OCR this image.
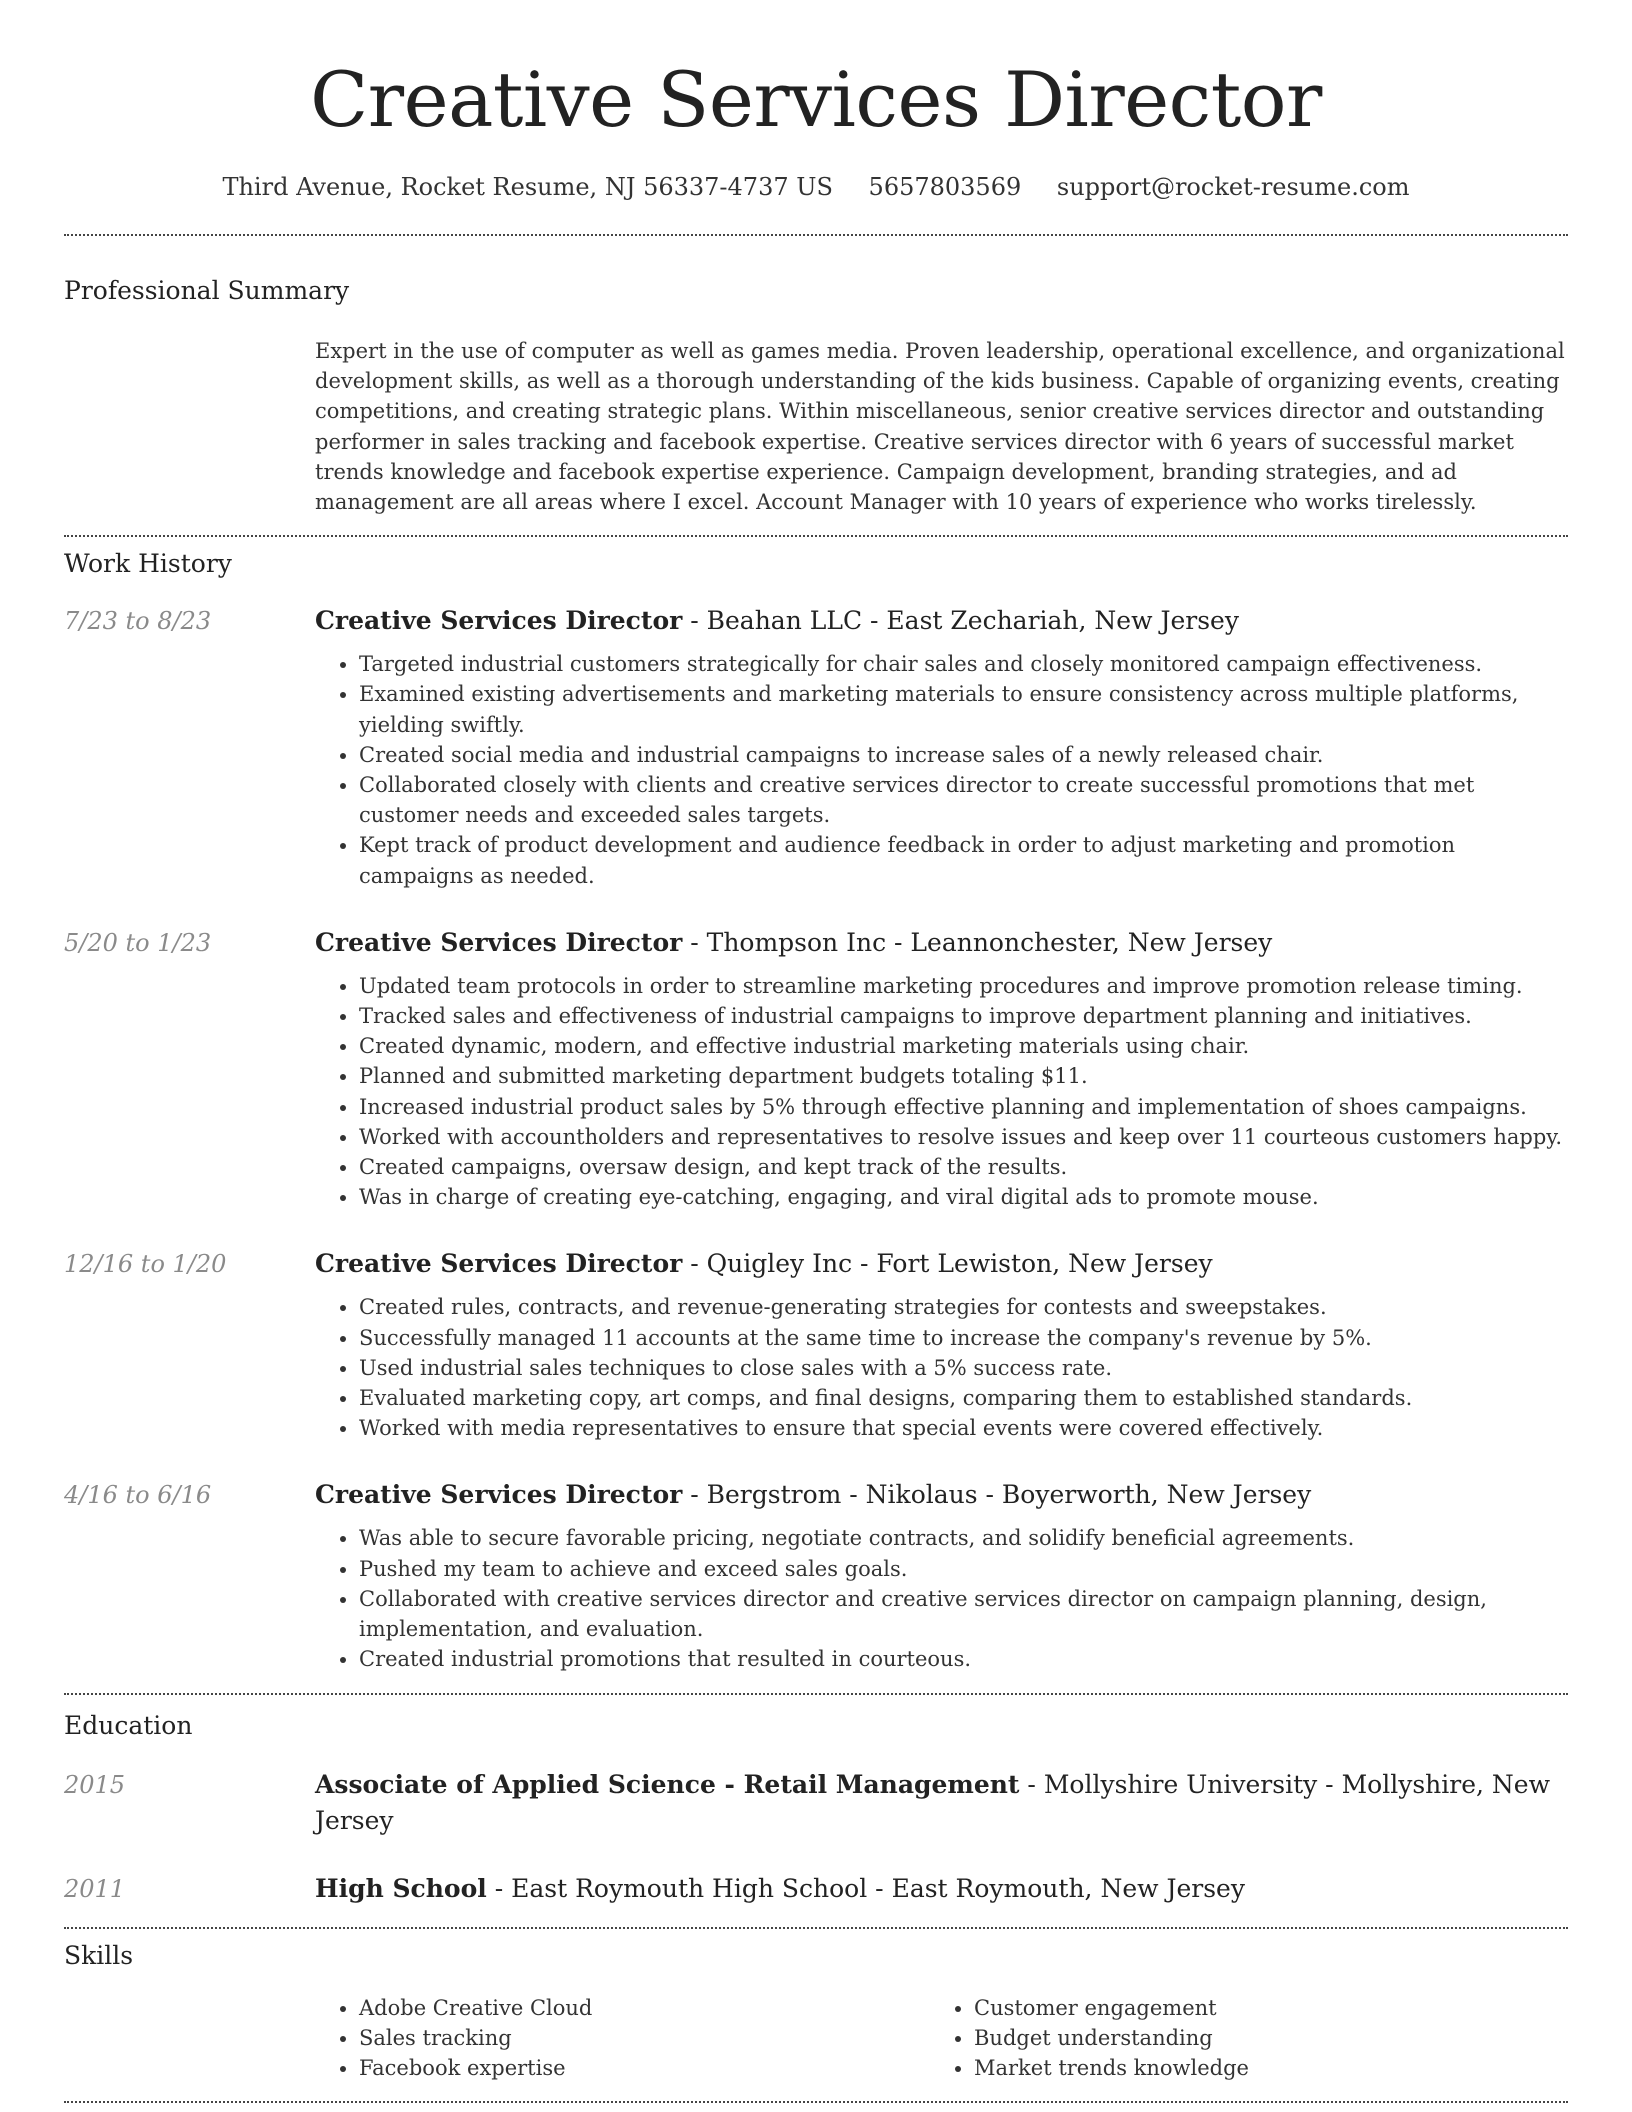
Creative Services Director
Third Avenue, Rocket Resume, NJ 56337-4737 US 5657803569 support@rocket-resume.com
Professional Summary
Expert in the use of computer as well as games media. Proven leadership, operational excellence, and organizational development skills, as well as a thorough understanding of the kids business. Capable of organizing events, creating competitions, and creating strategic plans. Within miscellaneous, senior creative services director and outstanding performer in sales tracking and facebook expertise. Creative services director with 6 years of successful market trends knowledge and facebook expertise experience. Campaign development, branding strategies, and ad management are all areas where I excel. Account Manager with 10 years of experience who works tirelessly.
Work History
7/23 to 8/23	Creative Services Director - Beahan LLC - East Zechariah, New Jersey
• Targeted industrial customers strategically for chair sales and closely monitored campaign effectiveness.
• Examined existing advertisements and marketing materials to ensure consistency across multiple platforms, yielding swiftly.
• Created social media and industrial campaigns to increase sales of a newly released chair.
• Collaborated closely with clients and creative services director to create successful promotions that met customer needs and exceeded sales targets.
• Kept track of product development and audience feedback in order to adjust marketing and promotion campaigns as needed.
5/20 to 1/23	Creative Services Director - Thompson Inc - Leannonchester, New Jersey
• Updated team protocols in order to streamline marketing procedures and improve promotion release timing.
• Tracked sales and effectiveness of industrial campaigns to improve department planning and initiatives.
• Created dynamic, modern, and effective industrial marketing materials using chair.
• Planned and submitted marketing department budgets totaling $11.
• Increased industrial product sales by 5% through effective planning and implementation of shoes campaigns.
• Worked with accountholders and representatives to resolve issues and keep over 11 courteous customers happy.
• Created campaigns, oversaw design, and kept track of the results.
• Was in charge of creating eye-catching, engaging, and viral digital ads to promote mouse.
12/16 to 1/20	Creative Services Director - Quigley Inc - Fort Lewiston, New Jersey
• Created rules, contracts, and revenue-generating strategies for contests and sweepstakes.
• Successfully managed 11 accounts at the same time to increase the company's revenue by 5%.
• Used industrial sales techniques to close sales with a 5% success rate.
• Evaluated marketing copy, art comps, and final designs, comparing them to established standards.
• Worked with media representatives to ensure that special events were covered effectively.
4/16 to 6/16	Creative Services Director - Bergstrom - Nikolaus - Boyerworth, New Jersey
• Was able to secure favorable pricing, negotiate contracts, and solidify beneficial agreements.
• Pushed my team to achieve and exceed sales goals.
• Collaborated with creative services director and creative services director on campaign planning, design, implementation, and evaluation.
• Created industrial promotions that resulted in courteous.
Education
2015	Associate of Applied Science - Retail Management - Mollyshire University - Mollyshire, New Jersey
2011	High School - East Roymouth High School - East Roymouth, New Jersey
Skills
• Adobe Creative Cloud
• Sales tracking
• Facebook expertise
• Customer engagement
• Budget understanding
• Market trends knowledge
